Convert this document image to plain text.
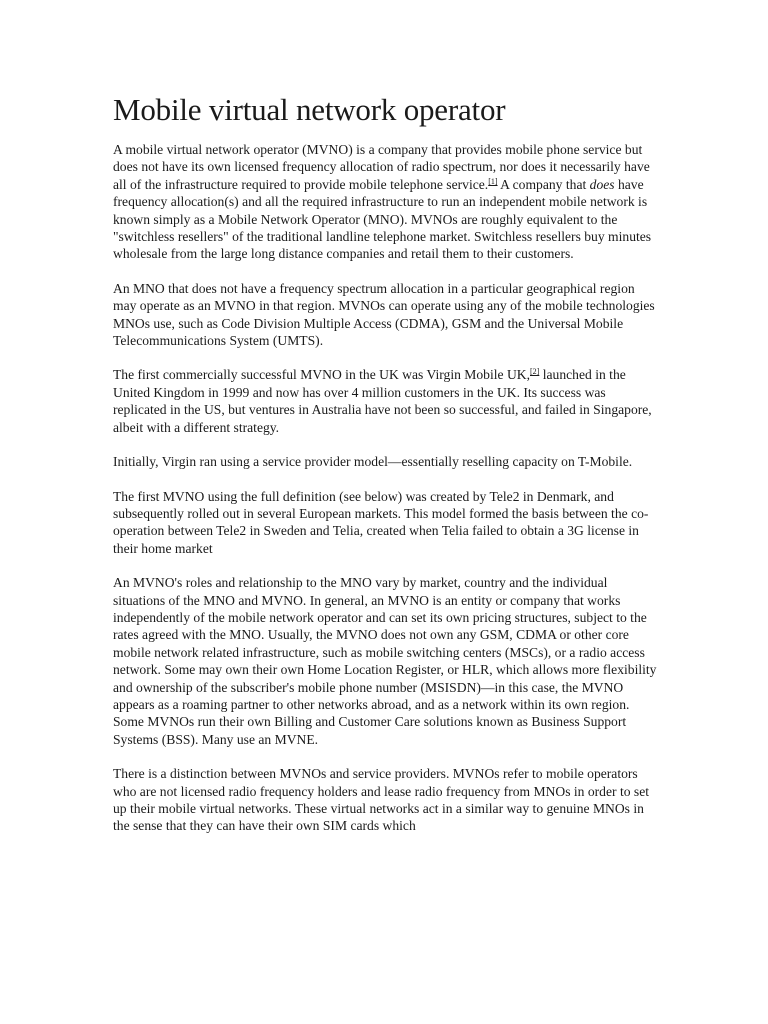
Mobile virtual network operator

A mobile virtual network operator (MVNO) is a company that provides mobile phone service but does not have its own licensed frequency allocation of radio spectrum, nor does it necessarily have all of the infrastructure required to provide mobile telephone service.[1] A company that does have frequency allocation(s) and all the required infrastructure to run an independent mobile network is known simply as a Mobile Network Operator (MNO). MVNOs are roughly equivalent to the "switchless resellers" of the traditional landline telephone market. Switchless resellers buy minutes wholesale from the large long distance companies and retail them to their customers.

An MNO that does not have a frequency spectrum allocation in a particular geographical region may operate as an MVNO in that region. MVNOs can operate using any of the mobile technologies MNOs use, such as Code Division Multiple Access (CDMA), GSM and the Universal Mobile Telecommunications System (UMTS).

The first commercially successful MVNO in the UK was Virgin Mobile UK,[2] launched in the United Kingdom in 1999 and now has over 4 million customers in the UK. Its success was replicated in the US, but ventures in Australia have not been so successful, and failed in Singapore, albeit with a different strategy.

Initially, Virgin ran using a service provider model—essentially reselling capacity on T-Mobile.

The first MVNO using the full definition (see below) was created by Tele2 in Denmark, and subsequently rolled out in several European markets. This model formed the basis between the co-operation between Tele2 in Sweden and Telia, created when Telia failed to obtain a 3G license in their home market

An MVNO's roles and relationship to the MNO vary by market, country and the individual situations of the MNO and MVNO. In general, an MVNO is an entity or company that works independently of the mobile network operator and can set its own pricing structures, subject to the rates agreed with the MNO. Usually, the MVNO does not own any GSM, CDMA or other core mobile network related infrastructure, such as mobile switching centers (MSCs), or a radio access network. Some may own their own Home Location Register, or HLR, which allows more flexibility and ownership of the subscriber's mobile phone number (MSISDN)—in this case, the MVNO appears as a roaming partner to other networks abroad, and as a network within its own region. Some MVNOs run their own Billing and Customer Care solutions known as Business Support Systems (BSS). Many use an MVNE.

There is a distinction between MVNOs and service providers. MVNOs refer to mobile operators who are not licensed radio frequency holders and lease radio frequency from MNOs in order to set up their mobile virtual networks. These virtual networks act in a similar way to genuine MNOs in the sense that they can have their own SIM cards which
